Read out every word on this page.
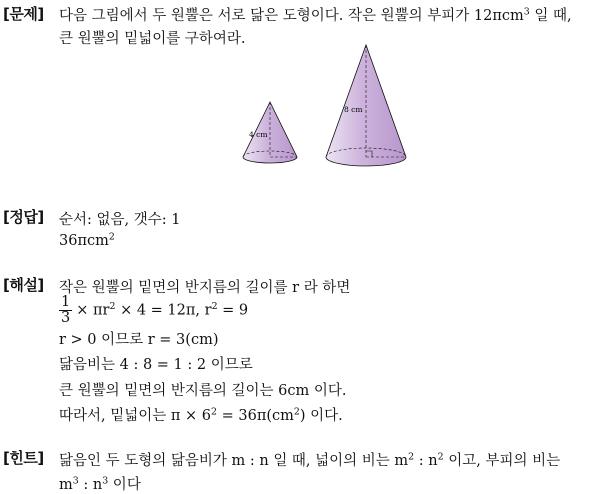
[문제] 다음 그림에서 두 원뿔은 서로 닮은 도형이다. 작은 원뿔의 부피가 12πcm$^3$ 일 때,
큰 원뿔의 밑넓이를 구하여라.
4 cm
8 cm
[정답] 순서: 없음, 갯수: 1
36πcm$^2$
[해설] 작은 원뿔의 밑면의 반지름의 길이를 r 라 하면
$\frac{1}{3} \times \pi r^2 \times 4 = 12\pi$, $r^2 = 9$
r > 0 이므로 r = 3(cm)
닮음비는 4 : 8 = 1 : 2 이므로
큰 원뿔의 밑면의 반지름의 길이는 6cm 이다.
따라서, 밑넓이는 $\pi \times 6^2 = 36\pi(cm^2)$ 이다.
[힌트] 닮음인 두 도형의 닮음비가 m : n 일 때, 넓이의 비는 $m^2$ : $n^2$ 이고, 부피의 비는
$m^3$ : $n^3$ 이다
